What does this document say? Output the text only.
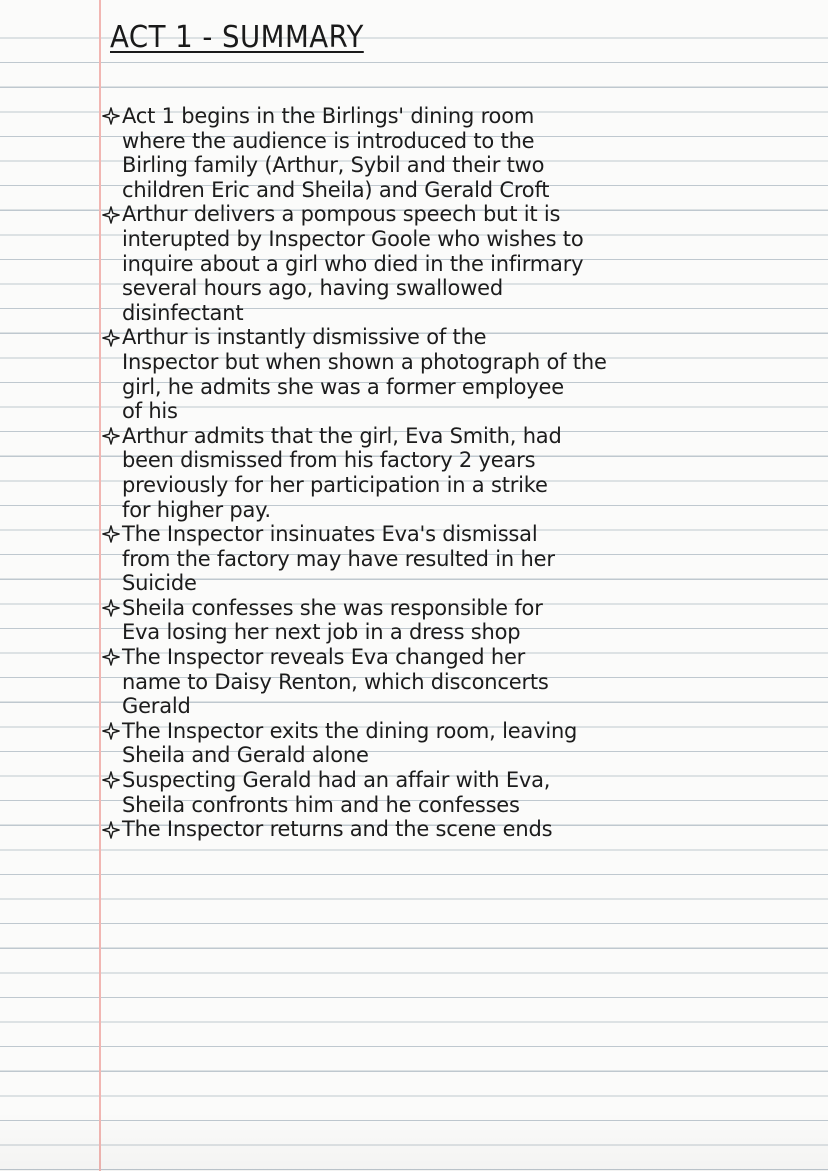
ACT 1 - SUMMARY
Act 1 begins in the Birlings' dining room
where the audience is introduced to the
Birling family (Arthur, Sybil and their two
children Eric and Sheila) and Gerald Croft
Arthur delivers a pompous speech but it is
interupted by Inspector Goole who wishes to
inquire about a girl who died in the infirmary
several hours ago, having swallowed
disinfectant
Arthur is instantly dismissive of the
Inspector but when shown a photograph of the
girl, he admits she was a former employee
of his
Arthur admits that the girl, Eva Smith, had
been dismissed from his factory 2 years
previously for her participation in a strike
for higher pay.
The Inspector insinuates Eva's dismissal
from the factory may have resulted in her
Suicide
Sheila confesses she was responsible for
Eva losing her next job in a dress shop
The Inspector reveals Eva changed her
name to Daisy Renton, which disconcerts
Gerald
The Inspector exits the dining room, leaving
Sheila and Gerald alone
Suspecting Gerald had an affair with Eva,
Sheila confronts him and he confesses
The Inspector returns and the scene ends
